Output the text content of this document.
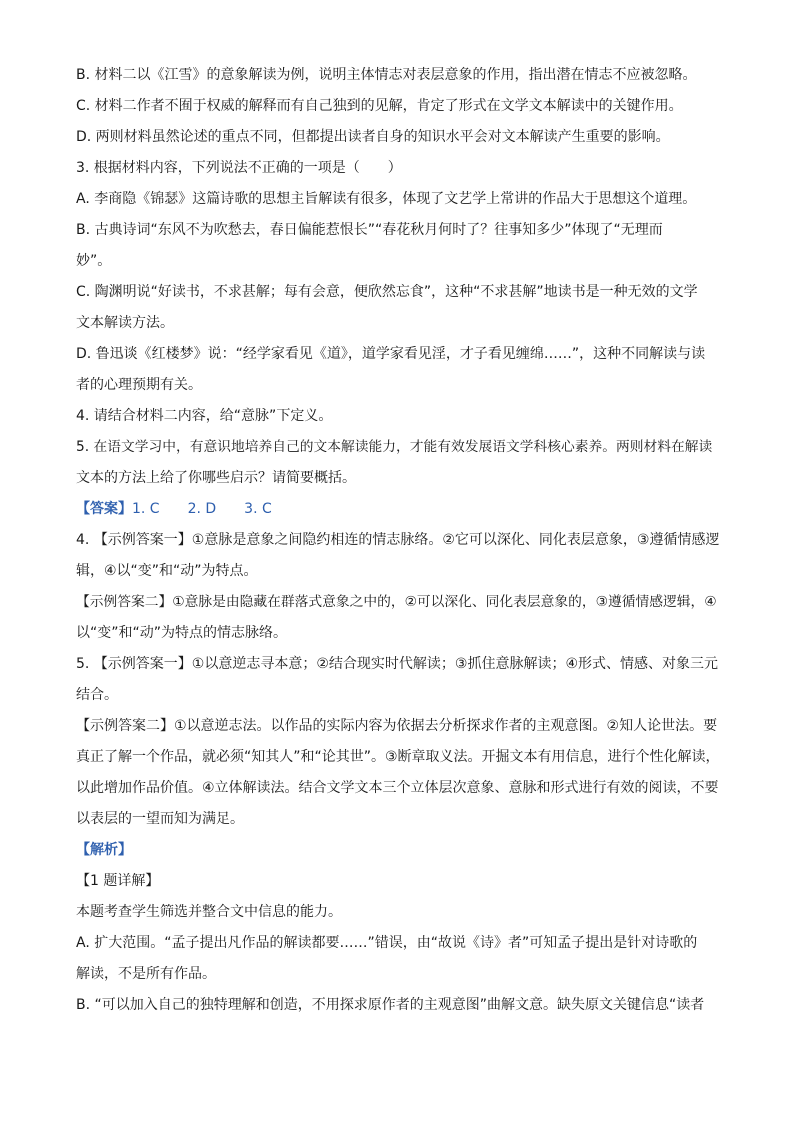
B. 材料二以《江雪》的意象解读为例，说明主体情志对表层意象的作用，指出潜在情志不应被忽略。

C. 材料二作者不囿于权威的解释而有自己独到的见解，肯定了形式在文学文本解读中的关键作用。

D. 两则材料虽然论述的重点不同，但都提出读者自身的知识水平会对文本解读产生重要的影响。

3. 根据材料内容，下列说法不正确的一项是（　　）

A. 李商隐《锦瑟》这篇诗歌的思想主旨解读有很多，体现了文艺学上常讲的作品大于思想这个道理。

B. 古典诗词“东风不为吹愁去，春日偏能惹恨长”“春花秋月何时了？往事知多少”体现了“无理而

妙”。

C. 陶渊明说“好读书，不求甚解；每有会意，便欣然忘食”，这种“不求甚解”地读书是一种无效的文学

文本解读方法。

D. 鲁迅谈《红楼梦》说：“经学家看见《道》，道学家看见淫，才子看见缠绵……”，这种不同解读与读

者的心理预期有关。

4. 请结合材料二内容，给“意脉”下定义。

5. 在语文学习中，有意识地培养自己的文本解读能力，才能有效发展语文学科核心素养。两则材料在解读

文本的方法上给了你哪些启示？请简要概括。

【答案】1. C　　2. D　　3. C

4. 【示例答案一】①意脉是意象之间隐约相连的情志脉络。②它可以深化、同化表层意象，③遵循情感逻

辑，④以“变”和“动”为特点。

【示例答案二】①意脉是由隐藏在群落式意象之中的，②可以深化、同化表层意象的，③遵循情感逻辑，④

以“变”和“动”为特点的情志脉络。

5. 【示例答案一】①以意逆志寻本意；②结合现实时代解读；③抓住意脉解读；④形式、情感、对象三元

结合。

【示例答案二】①以意逆志法。以作品的实际内容为依据去分析探求作者的主观意图。②知人论世法。要

真正了解一个作品，就必须“知其人”和“论其世”。③断章取义法。开掘文本有用信息，进行个性化解读，

以此增加作品价值。④立体解读法。结合文学文本三个立体层次意象、意脉和形式进行有效的阅读，不要

以表层的一望而知为满足。

【解析】

【1 题详解】

本题考查学生筛选并整合文中信息的能力。

A. 扩大范围。“孟子提出凡作品的解读都要……”错误，由“故说《诗》者”可知孟子提出是针对诗歌的

解读，不是所有作品。

B. “可以加入自己的独特理解和创造，不用探求原作者的主观意图”曲解文意。缺失原文关键信息“读者
